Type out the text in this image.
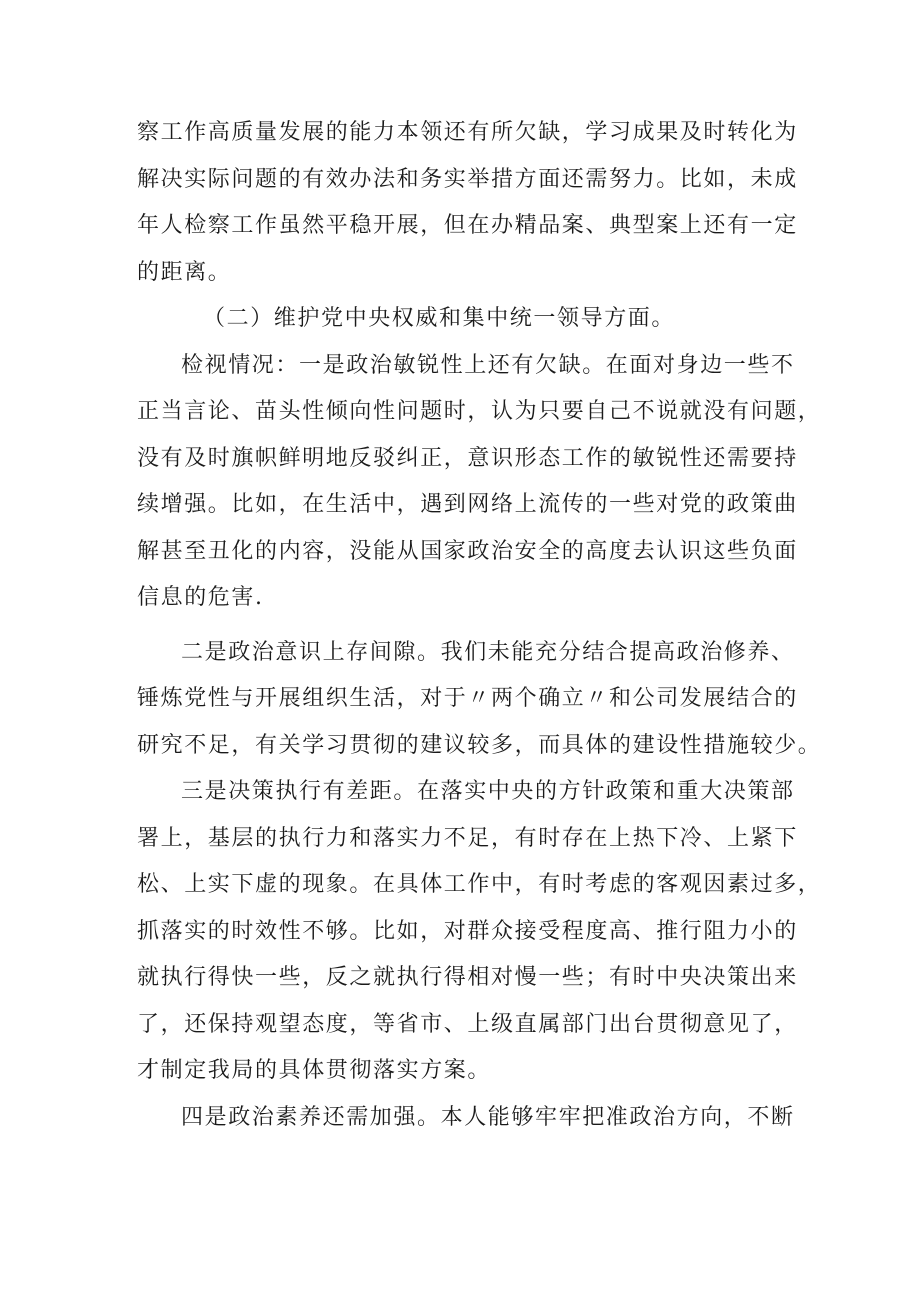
察工作高质量发展的能力本领还有所欠缺，学习成果及时转化为
解决实际问题的有效办法和务实举措方面还需努力。比如，未成
年人检察工作虽然平稳开展，但在办精品案、典型案上还有一定
的距离。
（二）维护党中央权威和集中统一领导方面。
检视情况：一是政治敏锐性上还有欠缺。在面对身边一些不
正当言论、苗头性倾向性问题时，认为只要自己不说就没有问题，
没有及时旗帜鲜明地反驳纠正，意识形态工作的敏锐性还需要持
续增强。比如，在生活中，遇到网络上流传的一些对党的政策曲
解甚至丑化的内容，没能从国家政治安全的高度去认识这些负面
信息的危害.
二是政治意识上存间隙。我们未能充分结合提高政治修养、
锤炼党性与开展组织生活，对于〃两个确立〃和公司发展结合的
研究不足，有关学习贯彻的建议较多，而具体的建设性措施较少。
三是决策执行有差距。在落实中央的方针政策和重大决策部
署上，基层的执行力和落实力不足，有时存在上热下冷、上紧下
松、上实下虚的现象。在具体工作中，有时考虑的客观因素过多，
抓落实的时效性不够。比如，对群众接受程度高、推行阻力小的
就执行得快一些，反之就执行得相对慢一些；有时中央决策出来
了，还保持观望态度，等省市、上级直属部门出台贯彻意见了，
才制定我局的具体贯彻落实方案。
四是政治素养还需加强。本人能够牢牢把准政治方向，不断
